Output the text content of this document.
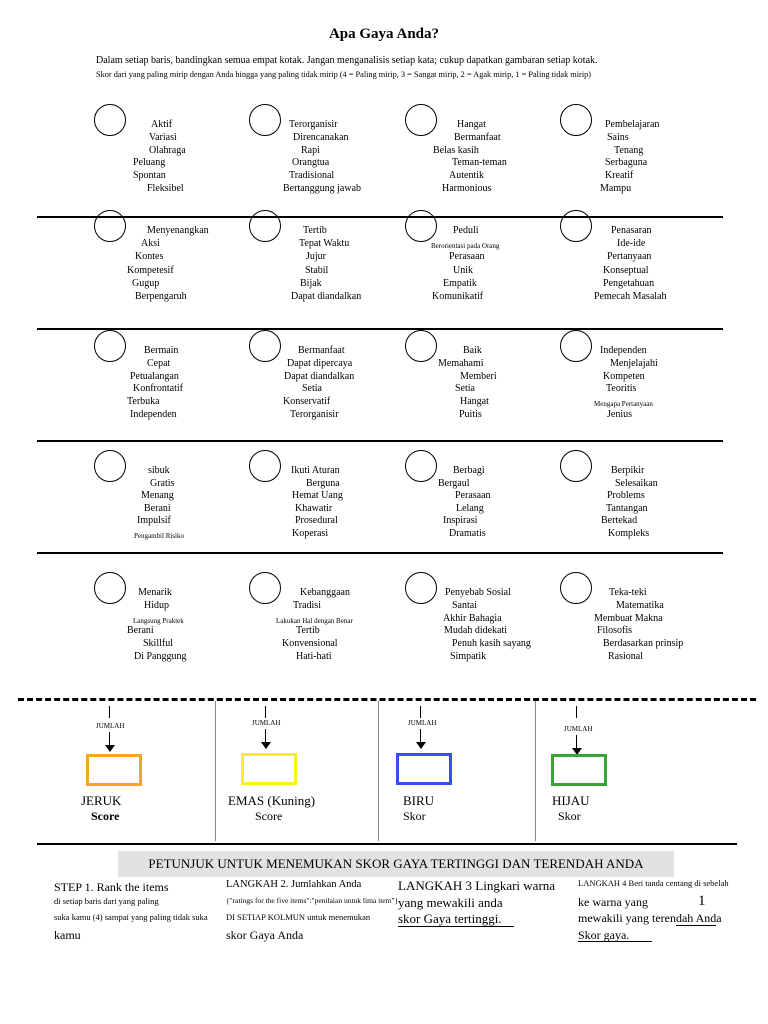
Apa Gaya Anda?
Dalam setiap baris, bandingkan semua empat kotak. Jangan menganalisis setiap kata; cukup dapatkan gambaran setiap kotak.
Skor dari yang paling mirip dengan Anda hingga yang paling tidak mirip (4 = Paling mirip, 3 = Sangat mirip, 2 = Agak mirip, 1 = Paling tidak mirip)
Aktif
Variasi
Olahraga
Peluang
Spontan
Fleksibel
Terorganisir
Direncanakan
Rapi
Orangtua
Tradisional
Bertanggung jawab
Hangat
Bermanfaat
Belas kasih
Teman-teman
Autentik
Harmonious
Pembelajaran
Sains
Tenang
Serbaguna
Kreatif
Mampu
Menyenangkan
Aksi
Kontes
Kompetesif
Gugup
Berpengaruh
Tertib
Tepat Waktu
Jujur
Stabil
Bijak
Dapat diandalkan
Peduli
Berorientasi pada Orang
Perasaan
Unik
Empatik
Komunikatif
Penasaran
Ide-ide
Pertanyaan
Konseptual
Pengetahuan
Pemecah Masalah
Bermain
Cepat
Petualangan
Konfrontatif
Terbuka
Independen
Bermanfaat
Dapat dipercaya
Dapat diandalkan
Setia
Konservatif
Terorganisir
Baik
Memahami
Memberi
Setia
Hangat
Puitis
Independen
Menjelajahi
Kompeten
Teoritis
Mengapa Pertanyaan
Jenius
sibuk
Gratis
Menang
Berani
Impulsif
Pengambil Risiko
Ikuti Aturan
Berguna
Hemat Uang
Khawatir
Prosedural
Koperasi
Berbagi
Bergaul
Perasaan
Lelang
Inspirasi
Dramatis
Berpikir
Selesaikan
Problems
Tantangan
Bertekad
Kompleks
Menarik
Hidup
Langsung Praktek
Berani
Skillful
Di Panggung
Kebanggaan
Tradisi
Lakukan Hal dengan Benar
Tertib
Konvensional
Hati-hati
Penyebab Sosial
Santai
Akhir Bahagia
Mudah didekati
Penuh kasih sayang
Simpatik
Teka-teki
Matematika
Membuat Makna
Filosofis
Berdasarkan prinsip
Rasional
JUMLAH
JERUK
Score
JUMLAH
EMAS (Kuning)
Score
JUMLAH
BIRU
Skor
JUMLAH
HIJAU
Skor
PETUNJUK UNTUK MENEMUKAN SKOR GAYA TERTINGGI DAN TERENDAH ANDA
STEP 1. Rank the items
di setiap baris dari yang paling
suka kamu (4) sampai yang paling tidak suka
kamu
LANGKAH 2. Jumlahkan Anda
{"ratings for the five items":"penilaian untuk lima item"}
DI SETIAP KOLMUN untuk menemukan
skor Gaya Anda
LANGKAH 3 Lingkari warna
yang mewakili anda
skor Gaya tertinggi.
LANGKAH 4 Beri tanda centang di sebelah
ke warna yang	1
mewakili yang terendah Anda
Skor gaya.
